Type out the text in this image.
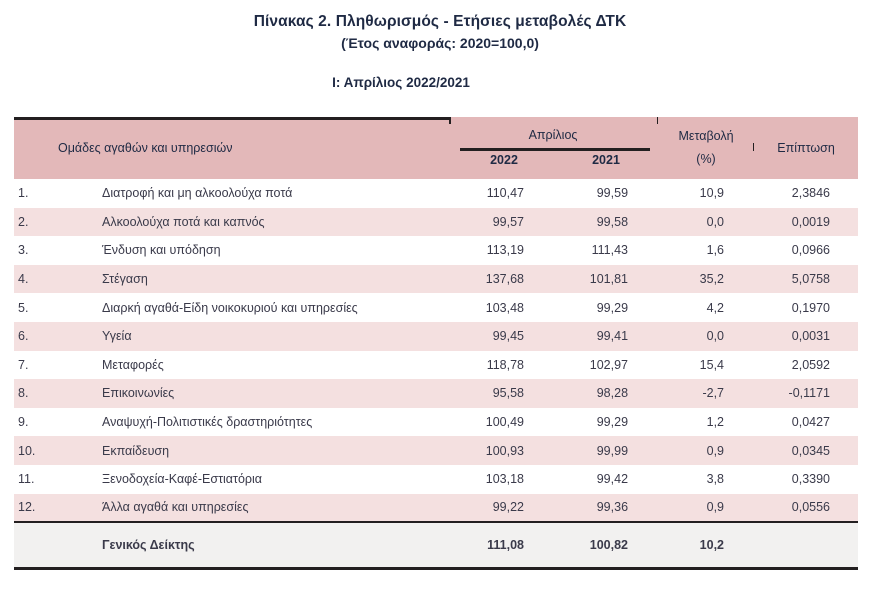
Πίνακας 2. Πληθωρισμός - Ετήσιες μεταβολές ΔΤΚ
(Έτος αναφοράς: 2020=100,0)
Ι: Απρίλιος 2022/2021
Ομάδες αγαθών και υπηρεσιών		Απρίλιος
2022 2021		Μεταβολή
(%)	Επίπτωση
1.	Διατροφή και μη αλκοολούχα ποτά	110,47	99,59	10,9	2,3846
2.	Αλκοολούχα ποτά και καπνός	99,57	99,58	0,0	0,0019
3.	Ένδυση και υπόδηση	113,19	111,43	1,6	0,0966
4.	Στέγαση	137,68	101,81	35,2	5,0758
5.	Διαρκή αγαθά-Είδη νοικοκυριού και υπηρεσίες	103,48	99,29	4,2	0,1970
6.	Υγεία	99,45	99,41	0,0	0,0031
7.	Μεταφορές	118,78	102,97	15,4	2,0592
8.	Επικοινωνίες	95,58	98,28	-2,7	-0,1171
9.	Αναψυχή-Πολιτιστικές δραστηριότητες	100,49	99,29	1,2	0,0427
10.	Εκπαίδευση	100,93	99,99	0,9	0,0345
11.	Ξενοδοχεία-Καφέ-Εστιατόρια	103,18	99,42	3,8	0,3390
12.	Άλλα αγαθά και υπηρεσίες	99,22	99,36	0,9	0,0556
	Γενικός Δείκτης	111,08	100,82	10,2	
